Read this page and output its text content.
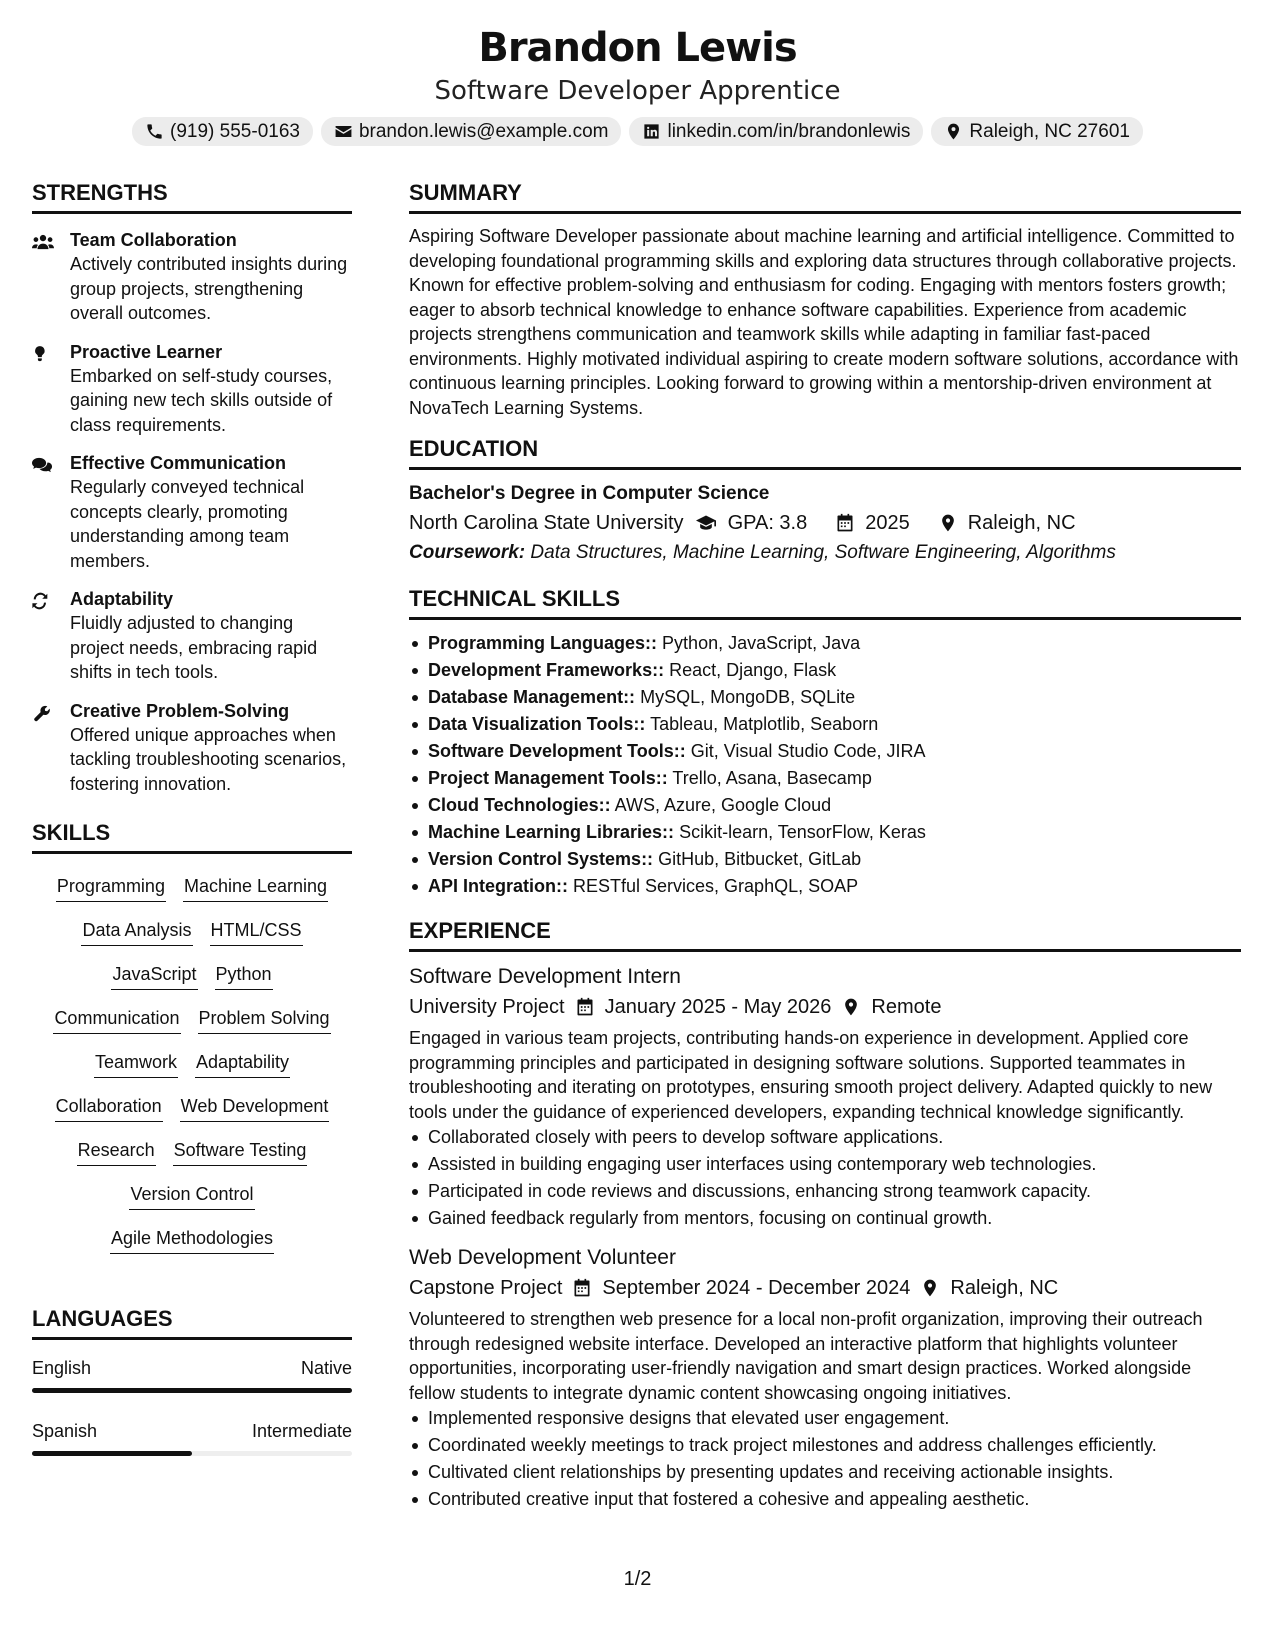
Brandon Lewis
Software Developer Apprentice
(919) 555-0163	brandon.lewis@example.com	linkedin.com/in/brandonlewis	Raleigh, NC 27601
STRENGTHS
Team Collaboration
Actively contributed insights during group projects, strengthening overall outcomes.
Proactive Learner
Embarked on self-study courses, gaining new tech skills outside of class requirements.
Effective Communication
Regularly conveyed technical concepts clearly, promoting understanding among team members.
Adaptability
Fluidly adjusted to changing project needs, embracing rapid shifts in tech tools.
Creative Problem-Solving
Offered unique approaches when tackling troubleshooting scenarios, fostering innovation.
SKILLS
Programming Machine Learning
Data Analysis HTML/CSS
JavaScript Python
Communication Problem Solving
Teamwork Adaptability
Collaboration Web Development
Research Software Testing
Version Control
Agile Methodologies
LANGUAGES
English	Native
Spanish	Intermediate
SUMMARY
Aspiring Software Developer passionate about machine learning and artificial intelligence. Committed to developing foundational programming skills and exploring data structures through collaborative projects. Known for effective problem-solving and enthusiasm for coding. Engaging with mentors fosters growth; eager to absorb technical knowledge to enhance software capabilities. Experience from academic projects strengthens communication and teamwork skills while adapting in familiar fast-paced environments. Highly motivated individual aspiring to create modern software solutions, accordance with continuous learning principles. Looking forward to growing within a mentorship-driven environment at NovaTech Learning Systems.
EDUCATION
Bachelor's Degree in Computer Science
North Carolina State University GPA: 3.8	2025	Raleigh, NC
Coursework: Data Structures, Machine Learning, Software Engineering, Algorithms
TECHNICAL SKILLS
Programming Languages:: Python, JavaScript, Java
Development Frameworks:: React, Django, Flask
Database Management:: MySQL, MongoDB, SQLite
Data Visualization Tools:: Tableau, Matplotlib, Seaborn
Software Development Tools:: Git, Visual Studio Code, JIRA
Project Management Tools:: Trello, Asana, Basecamp
Cloud Technologies:: AWS, Azure, Google Cloud
Machine Learning Libraries:: Scikit-learn, TensorFlow, Keras
Version Control Systems:: GitHub, Bitbucket, GitLab
API Integration:: RESTful Services, GraphQL, SOAP
EXPERIENCE
Software Development Intern
University Project January 2025 - May 2026 Remote
Engaged in various team projects, contributing hands-on experience in development. Applied core programming principles and participated in designing software solutions. Supported teammates in troubleshooting and iterating on prototypes, ensuring smooth project delivery. Adapted quickly to new tools under the guidance of experienced developers, expanding technical knowledge significantly.
Collaborated closely with peers to develop software applications.
Assisted in building engaging user interfaces using contemporary web technologies.
Participated in code reviews and discussions, enhancing strong teamwork capacity.
Gained feedback regularly from mentors, focusing on continual growth.
Web Development Volunteer
Capstone Project September 2024 - December 2024 Raleigh, NC
Volunteered to strengthen web presence for a local non-profit organization, improving their outreach through redesigned website interface. Developed an interactive platform that highlights volunteer opportunities, incorporating user-friendly navigation and smart design practices. Worked alongside fellow students to integrate dynamic content showcasing ongoing initiatives.
Implemented responsive designs that elevated user engagement.
Coordinated weekly meetings to track project milestones and address challenges efficiently.
Cultivated client relationships by presenting updates and receiving actionable insights.
Contributed creative input that fostered a cohesive and appealing aesthetic.
1/2
